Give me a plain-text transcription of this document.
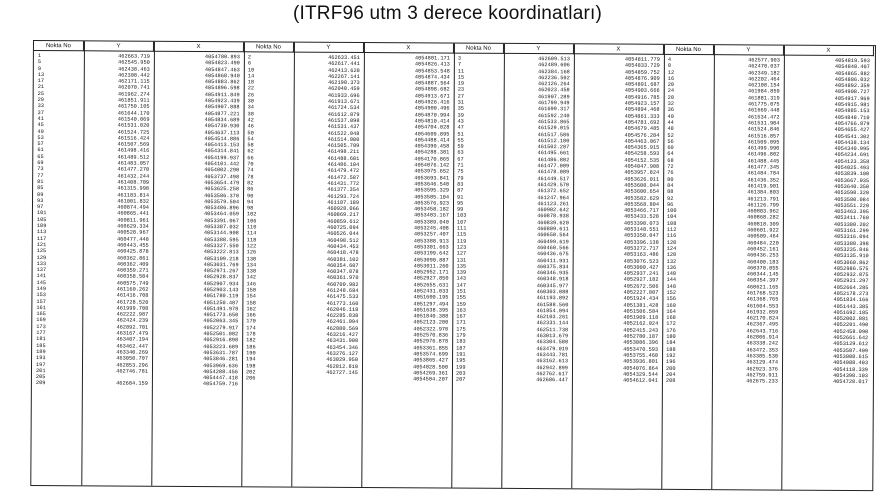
(ITRF96 utm 3 derece koordinatları)
Nokta No
1
5
9
13
17
21
25
29
33
37
41
45
49
53
57
61
65
69
73
77
81
85
89
93
97
101
105
109
113
117
121
125
129
133
137
141
145
149
153
157
161
165
169
173
177
181
185
189
193
197
201
205
209
Y
462663.719
462545.950
462438.463
462308.442
462171.115
462070.741
461962.274
461851.911
461750.105
461644.170
461540.069
461531.020
461524.725
461516.424
461507.569
461498.416
461489.512
461483.057
461477.270
461432.244
461408.709
461315.998
461183.814
461001.832
460874.494
460865.441
460811.961
460629.334
460528.967
460477.448
460443.455
460425.878
460362.861
460362.409
460359.271
460358.504
460575.749
461160.262
461416.708
461728.520
461999.708
462222.987
462424.239
462892.701
463167.479
463407.194
463462.447
463340.269
463050.707
462853.296
462746.781
462684.159
X
4054780.893
4054823.490
4054847.463
4054868.940
4054883.862
4054896.598
4054911.849
4054923.439
4054907.888
4054877.221
4054834.689
4054730.930
4054637.113
4054514.886
4054413.153
4054314.841
4054199.937
4054101.442
4054002.290
4053737.498
4053654.479
4053625.250
4053586.370
4053579.504
4053486.896
4053464.059
4053391.067
4053387.032
4053144.908
4053388.595
4053327.550
4053222.813
4053109.218
4053031.769
4052971.267
4052928.837
4052907.934
4052903.143
4051780.119
4051250.487
4051491.978
4051773.650
4052063.345
4052279.917
4052501.082
4052916.898
4053223.689
4053631.787
4053846.281
4053969.636
4054288.456
4054447.418
4054759.716
Nokta No
2
6
10
14
18
22
26
30
34
38
42
46
50
54
58
62
66
70
74
78
82
86
90
94
98
102
106
110
114
118
122
126
130
134
138
142
146
150
154
158
162
166
170
174
178
182
186
190
194
198
202
206
Y
462633.451
462617.441
462413.628
462267.141
462190.373
462040.459
461933.696
461913.671
461724.534
461612.879
461537.098
461531.437
461522.048
461514.000
461505.709
461498.211
461488.601
461486.104
461479.472
461472.587
461431.772
461377.354
461293.724
461187.189
460928.066
460869.217
460859.612
460725.094
460526.044
460498.512
460434.453
460418.478
460381.102
460354.607
460347.078
460361.970
460700.982
461248.684
461475.533
461773.160
462046.118
462285.838
462461.094
462880.569
463216.427
463431.908
463454.346
463276.127
463029.950
462812.810
462727.145
X
4054801.171
4054826.413
4054853.548
4054874.434
4054887.564
4054898.682
4054913.671
4054926.416
4054900.496
4054870.994
4054810.414
4054704.028
4054609.895
4054488.414
4054390.458
4054288.381
4054170.865
4054076.142
4053975.652
4053693.841
4053646.540
4053595.329
4053585.104
4053576.923
4053458.182
4053403.167
4053389.040
4053245.408
4053257.407
4053388.913
4053301.663
4053199.642
4053090.887
4053011.260
4052952.171
4052927.850
4052655.631
4052431.033
4051600.195
4051297.494
4051638.395
4051840.388
4052123.200
4052322.970
4052570.836
4052976.878
4053361.855
4053574.699
4053865.427
4054028.500
4054269.361
4054504.207
Nokta No
3
7
11
15
19
23
27
31
35
39
43
47
51
55
59
63
67
71
75
79
83
87
91
95
99
103
107
111
115
119
123
127
131
135
139
143
147
151
155
159
163
167
171
175
179
183
187
191
195
199
203
207
Y
462609.513
462489.606
462384.168
462236.502
462126.264
462023.458
461907.289
461799.949
461699.317
461592.240
461533.865
461529.015
461517.586
461512.180
461502.287
461495.661
461486.802
461477.009
461478.089
461449.517
461429.570
461372.652
461247.964
461123.261
460902.642
460878.938
460839.620
460809.611
460650.564
460499.619
460460.566
460436.675
460411.931
460375.834
460346.935
460348.918
460345.977
460303.088
461193.892
461588.560
461854.094
462103.261
462331.144
462511.738
463013.679
463304.580
463479.019
463443.781
463162.613
462942.899
462762.617
462686.447
X
4054811.779
4054833.729
4054859.752
4054876.909
4054891.687
4054903.666
4054916.785
4054923.157
4054894.468
4054861.333
4054781.692
4054679.485
4054576.284
4054463.067
4054365.915
4054258.593
4054152.535
4054047.908
4053957.824
4053626.011
4053600.044
4053600.654
4053582.629
4053568.804
4053466.717
4053433.528
4053398.073
4053148.551
4053350.047
4053396.138
4053272.717
4053163.486
4053076.523
4053000.427
4052937.241
4052927.182
4052672.506
4052227.807
4051924.434
4051381.428
4051506.584
4051909.118
4052162.024
4052415.243
4052780.187
4053086.396
4053470.593
4053755.460
4053936.801
4054076.864
4054329.544
4054612.041
Nokta No
4
8
12
16
20
24
28
32
36
40
44
48
52
56
60
64
68
72
76
80
84
88
92
96
100
104
108
112
116
120
124
128
132
136
140
144
148
152
156
160
164
168
172
176
180
184
188
192
196
200
204
208
Y
462577.903
462470.037
462349.182
462202.464
462108.154
461984.859
461881.319
461775.075
461669.448
461534.472
461531.904
461524.846
461516.857
461509.095
461499.990
461496.802
461488.445
461477.345
461484.784
461436.352
461419.901
461384.803
461213.791
461126.799
460883.962
460868.282
460818.309
460601.922
460509.464
460484.220
460452.161
460436.253
460400.183
460370.055
460344.145
460354.397
460621.165
461768.523
461368.765
461604.553
461932.859
462170.824
462367.495
462643.716
462806.914
463338.242
463472.353
463385.530
463129.474
462923.376
462759.911
462675.233
X
4054819.593
4054840.407
4054865.882
4054886.032
4054892.359
4054908.727
4054917.969
4054915.981
4054885.153
4054848.710
4054766.879
4054655.427
4054541.302
4054438.134
4054340.995
4054234.691
4054123.358
4054025.493
4053839.100
4053667.035
4053640.350
4053598.320
4053580.084
4053551.220
4053463.395
4053411.760
4053380.202
4053161.299
4053316.094
4053380.398
4053235.846
4053135.910
4053060.862
4052986.575
4052932.075
4052921.297
4052664.285
4052178.273
4051834.166
4051443.385
4051692.185
4052002.881
4052201.490
4052458.098
4052661.642
4053129.612
4053507.409
4053808.615
4054088.403
4054118.339
4054398.103
4054728.017
